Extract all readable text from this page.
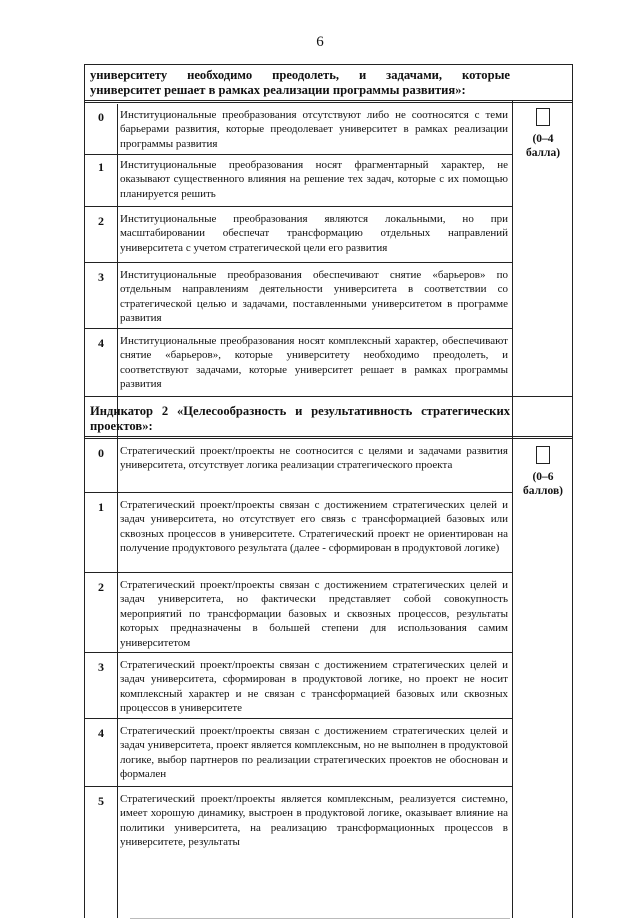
6
университету необходимо преодолеть, и задачами, которые
университет решает в рамках реализации программы развития»:
0	Институциональные преобразования отсутствуют либо не соотносятся с теми барьерами развития, которые преодолевает университет в рамках реализации программы развития
1	Институциональные преобразования носят фрагментарный характер, не оказывают существенного влияния на решение тех задач, которые с их помощью планируется решить
2	Институциональные преобразования являются локальными, но при масштабировании обеспечат трансформацию отдельных направлений университета с учетом стратегической цели его развития
3	Институциональные преобразования обеспечивают снятие «барьеров» по отдельным направлениям деятельности университета в соответствии со стратегической целью и задачами, поставленными университетом в программе развития
4	Институциональные преобразования носят комплексный характер, обеспечивают снятие «барьеров», которые университету необходимо преодолеть, и соответствуют задачами, которые университет решает в рамках программы развития
(0–4
балла)
Индикатор 2 «Целесообразность и результативность стратегических
проектов»:
0	Стратегический проект/проекты не соотносится с целями и задачами развития университета, отсутствует логика реализации стратегического проекта
1	Стратегический проект/проекты связан с достижением стратегических целей и задач университета, но отсутствует его связь с трансформацией базовых или сквозных процессов в университете. Стратегический проект не ориентирован на получение продуктового результата (далее - сформирован в продуктовой логике)
2	Стратегический проект/проекты связан с достижением стратегических целей и задач университета, но фактически представляет собой совокупность мероприятий по трансформации базовых и сквозных процессов, результаты которых предназначены в большей степени для использования самим университетом
3	Стратегический проект/проекты связан с достижением стратегических целей и задач университета, сформирован в продуктовой логике, но проект не носит комплексный характер и не связан с трансформацией базовых или сквозных процессов в университете
4	Стратегический проект/проекты связан с достижением стратегических целей и задач университета, проект является комплексным, но не выполнен в продуктовой логике, выбор партнеров по реализации стратегических проектов не обоснован и формален
5	Стратегический проект/проекты является комплексным, реализуется системно, имеет хорошую динамику, выстроен в продуктовой логике, оказывает влияние на политики университета, на реализацию трансформационных процессов в университете, результаты
(0–6
баллов)
